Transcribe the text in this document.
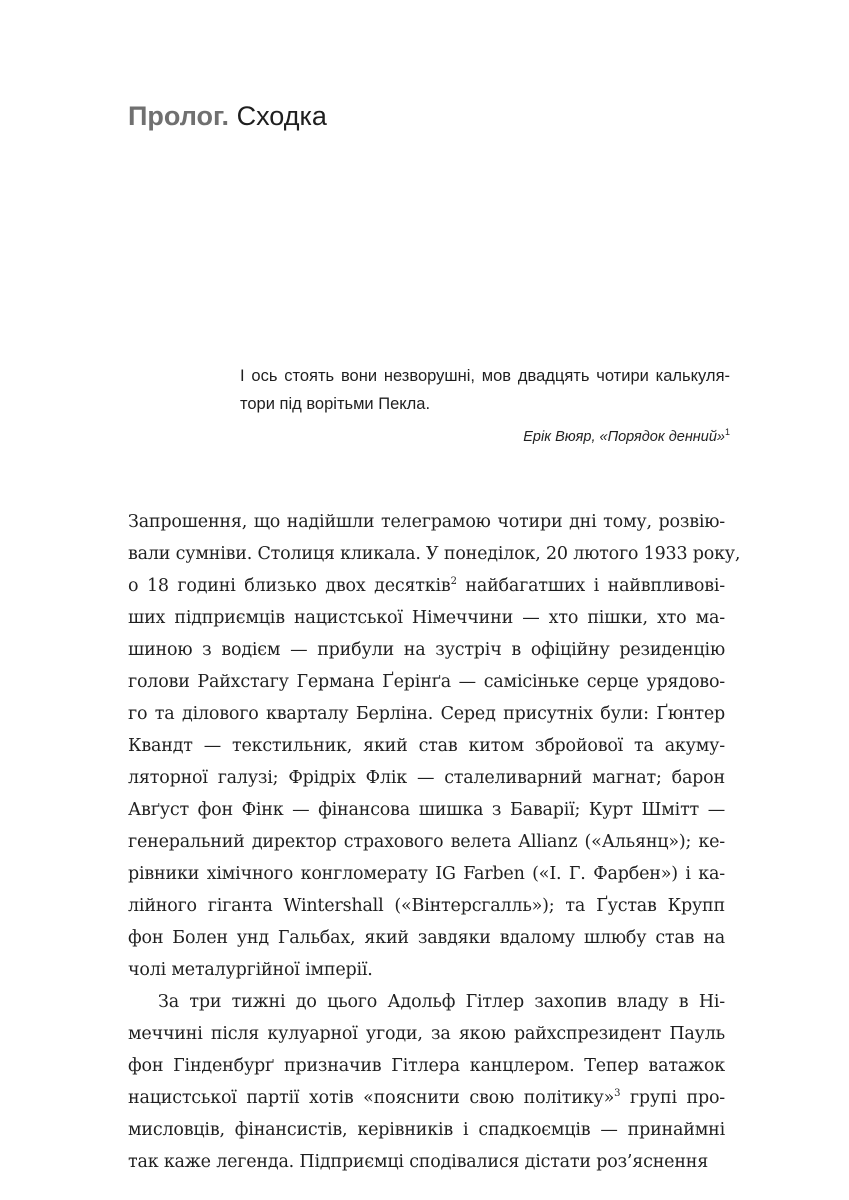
Пролог. Сходка
І ось стоять вони незворушні, мов двадцять чотири калькуля-
тори під ворітьми Пекла.
Ерік Вюяр, «Порядок денний»$^1$
Запрошення, що надійшли телеграмою чотири дні тому, розвію-
вали сумніви. Столиця кликала. У понеділок, 20 лютого 1933 року,
о 18 годині близько двох десятків$^2$ найбагатших і найвпливові-
ших підприємців нацистської Німеччини — хто пішки, хто ма-
шиною з водієм — прибули на зустріч в офіційну резиденцію
голови Райхстагу Германа Ґерінґа — самісіньке серце урядово-
го та ділового кварталу Берліна. Серед присутніх були: Ґюнтер
Квандт — текстильник, який став китом збройової та акуму-
ляторної галузі; Фрідріх Флік — сталеливарний магнат; барон
Авґуст фон Фінк — фінансова шишка з Баварії; Курт Шмітт —
генеральний директор страхового велета Allianz («Альянц»); ке-
рівники хімічного конгломерату IG Farben («І. Г. Фарбен») і ка-
лійного гіганта Wintershall («Вінтерсгалль»); та Ґустав Крупп
фон Болен унд Гальбах, який завдяки вдалому шлюбу став на
чолі металургійної імперії.
За три тижні до цього Адольф Гітлер захопив владу в Ні-
меччині після кулуарної угоди, за якою райхспрезидент Пауль
фон Гінденбурґ призначив Гітлера канцлером. Тепер ватажок
нацистської партії хотів «пояснити свою політику»$^3$ групі про-
мисловців, фінансистів, керівників і спадкоємців — принаймні
так каже легенда. Підприємці сподівалися дістати роз’яснення
